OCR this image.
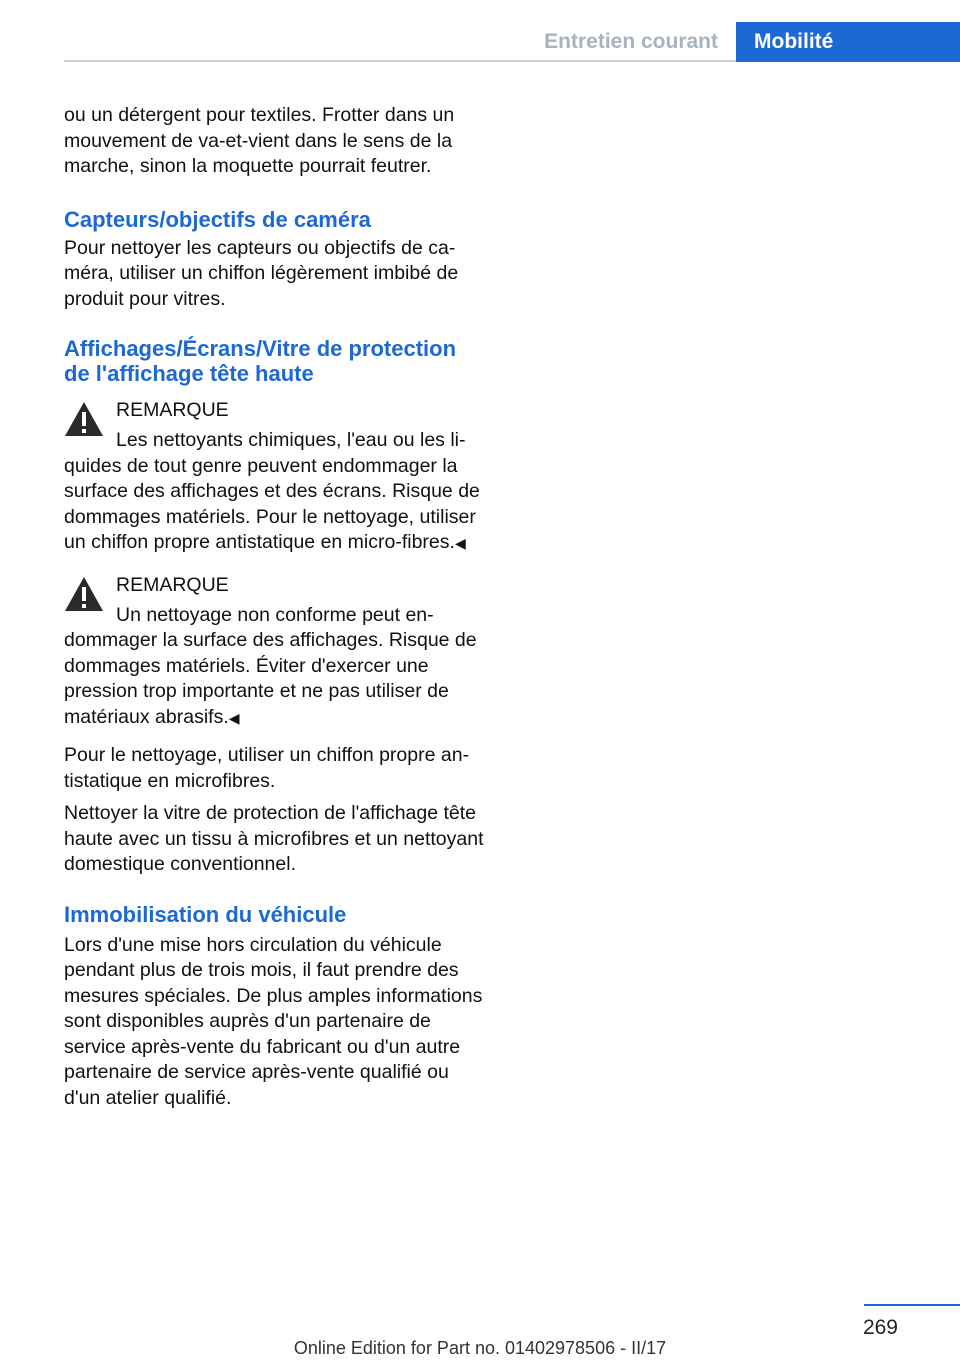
Entretien courant	Mobilité

ou un détergent pour textiles. Frotter dans un mouvement de va-et-vient dans le sens de la marche, sinon la moquette pourrait feutrer.

Capteurs/objectifs de caméra

Pour nettoyer les capteurs ou objectifs de caméra, utiliser un chiffon légèrement imbibé de produit pour vitres.

Affichages/Écrans/Vitre de protection
de l'affichage tête haute
REMARQUE

Les nettoyants chimiques, l'eau ou les li-

quides de tout genre peuvent endommager la surface des affichages et des écrans. Risque de dommages matériels. Pour le nettoyage, utiliser un chiffon propre antistatique en micro-fibres.◀

REMARQUE

Un nettoyage non conforme peut en-

dommager la surface des affichages. Risque de dommages matériels. Éviter d'exercer une pression trop importante et ne pas utiliser de matériaux abrasifs.◀

Pour le nettoyage, utiliser un chiffon propre antistatique en microfibres.

Nettoyer la vitre de protection de l'affichage tête haute avec un tissu à microfibres et un nettoyant domestique conventionnel.

Immobilisation du véhicule

Lors d'une mise hors circulation du véhicule pendant plus de trois mois, il faut prendre des mesures spéciales. De plus amples informations sont disponibles auprès d'un partenaire de service après-vente du fabricant ou d'un autre partenaire de service après-vente qualifié ou d'un atelier qualifié.

269
Online Edition for Part no. 01402978506 - II/17
